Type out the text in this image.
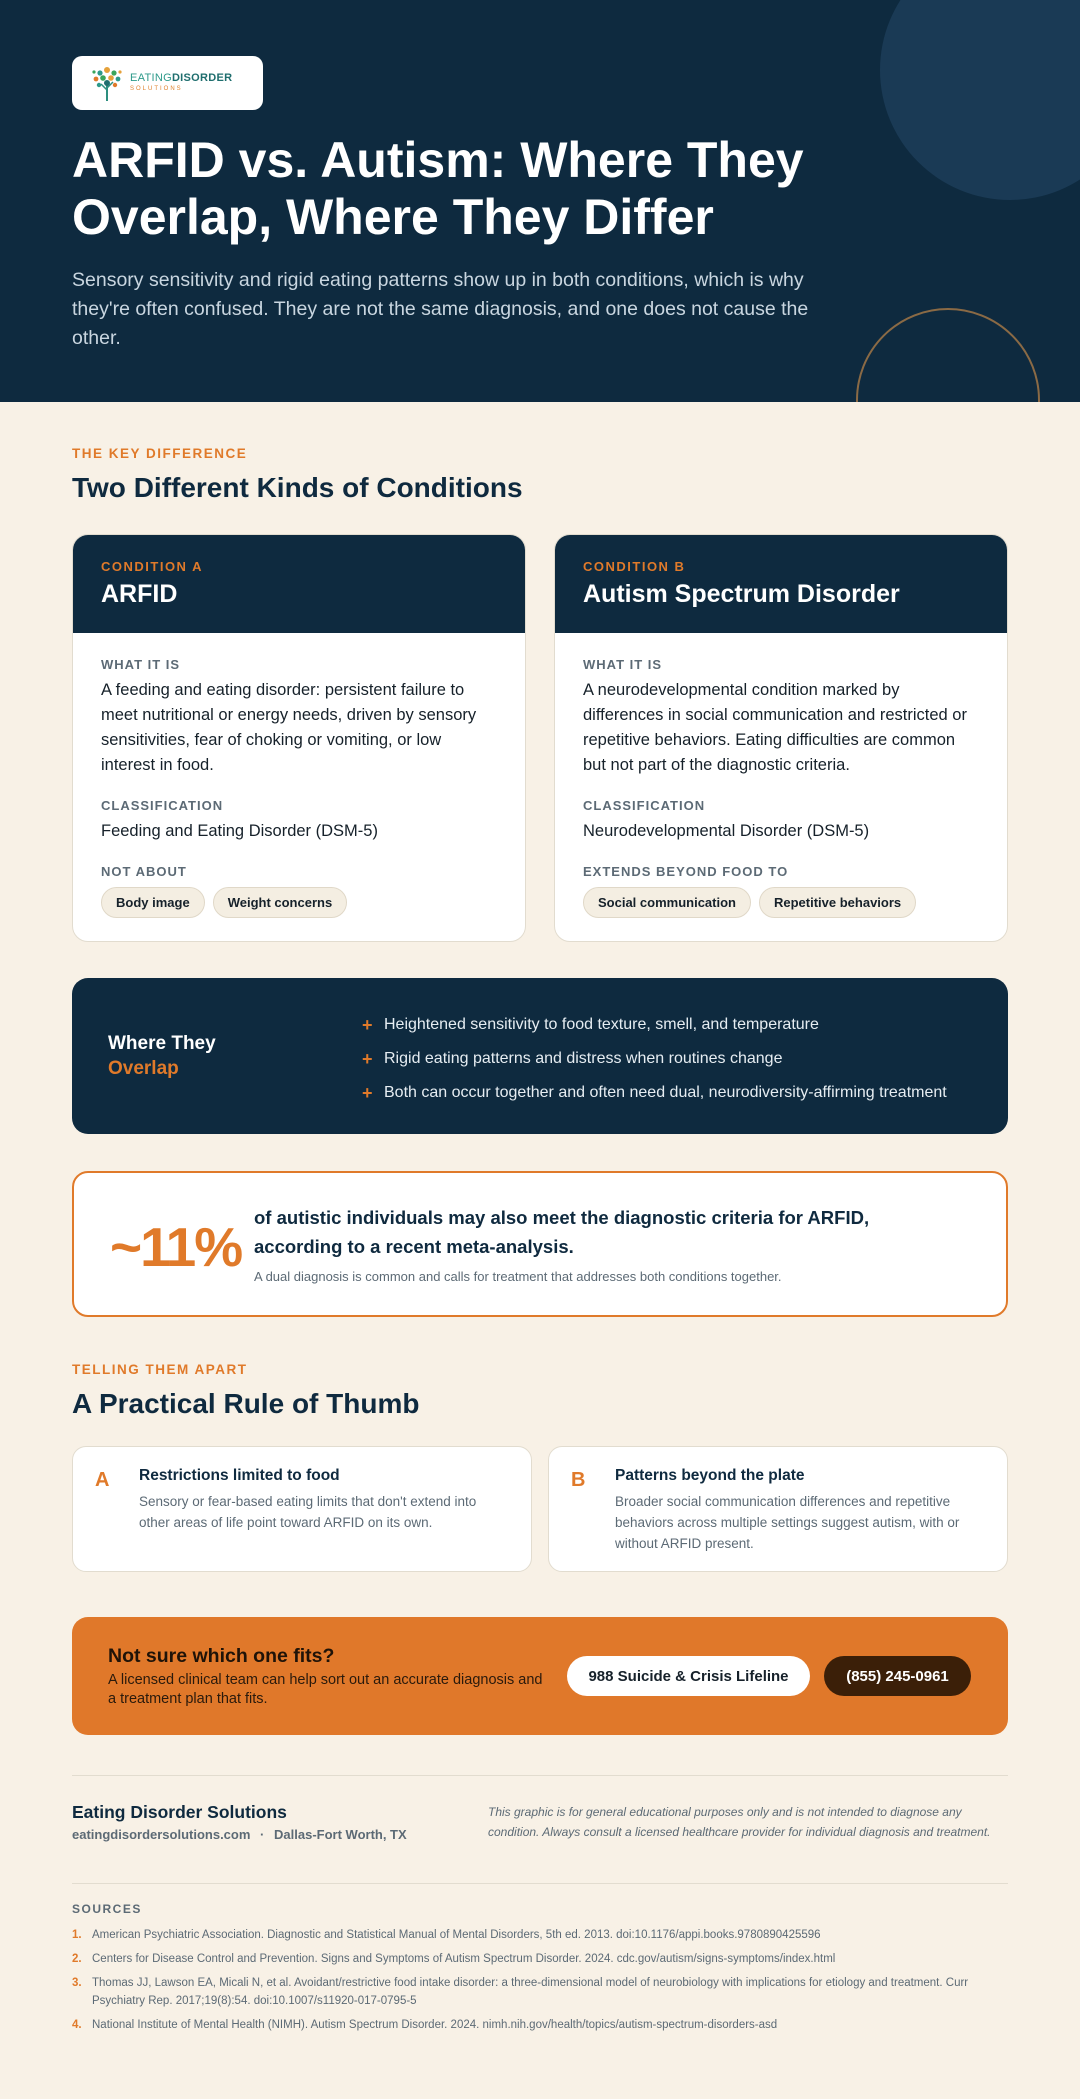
EATINGDISORDER
SOLUTIONS
ARFID vs. Autism: Where They Overlap, Where They Differ

Sensory sensitivity and rigid eating patterns show up in both conditions, which is why they're often confused. They are not the same diagnosis, and one does not cause the other.

THE KEY DIFFERENCE
Two Different Kinds of Conditions
CONDITION A
ARFID
WHAT IT IS
A feeding and eating disorder: persistent failure to meet nutritional or energy needs, driven by sensory sensitivities, fear of choking or vomiting, or low interest in food.
CLASSIFICATION
Feeding and Eating Disorder (DSM-5)
NOT ABOUT
Body image	Weight concerns
CONDITION B
Autism Spectrum Disorder
WHAT IT IS
A neurodevelopmental condition marked by differences in social communication and restricted or repetitive behaviors. Eating difficulties are common but not part of the diagnostic criteria.
CLASSIFICATION
Neurodevelopmental Disorder (DSM-5)
EXTENDS BEYOND FOOD TO
Social communication	Repetitive behaviors
Where They
Overlap
+ Heightened sensitivity to food texture, smell, and temperature
+ Rigid eating patterns and distress when routines change
+ Both can occur together and often need dual, neurodiversity-affirming treatment
~11% of autistic individuals may also meet the diagnostic criteria for ARFID, according to a recent meta-analysis.
A dual diagnosis is common and calls for treatment that addresses both conditions together.
TELLING THEM APART
A Practical Rule of Thumb
A Restrictions limited to food
Sensory or fear-based eating limits that don't extend into other areas of life point toward ARFID on its own.
B Patterns beyond the plate
Broader social communication differences and repetitive behaviors across multiple settings suggest autism, with or without ARFID present.
Not sure which one fits?
A licensed clinical team can help sort out an accurate diagnosis and a treatment plan that fits.
988 Suicide & Crisis Lifeline	(855) 245-0961
Eating Disorder Solutions
eatingdisordersolutions.com · Dallas-Fort Worth, TX

This graphic is for general educational purposes only and is not intended to diagnose any condition. Always consult a licensed healthcare provider for individual diagnosis and treatment.

SOURCES
1. American Psychiatric Association. Diagnostic and Statistical Manual of Mental Disorders, 5th ed. 2013. doi:10.1176/appi.books.9780890425596
2. Centers for Disease Control and Prevention. Signs and Symptoms of Autism Spectrum Disorder. 2024. cdc.gov/autism/signs-symptoms/index.html
3. Thomas JJ, Lawson EA, Micali N, et al. Avoidant/restrictive food intake disorder: a three-dimensional model of neurobiology with implications for etiology and treatment. Curr Psychiatry Rep. 2017;19(8):54. doi:10.1007/s11920-017-0795-5
4. National Institute of Mental Health (NIMH). Autism Spectrum Disorder. 2024. nimh.nih.gov/health/topics/autism-spectrum-disorders-asd
